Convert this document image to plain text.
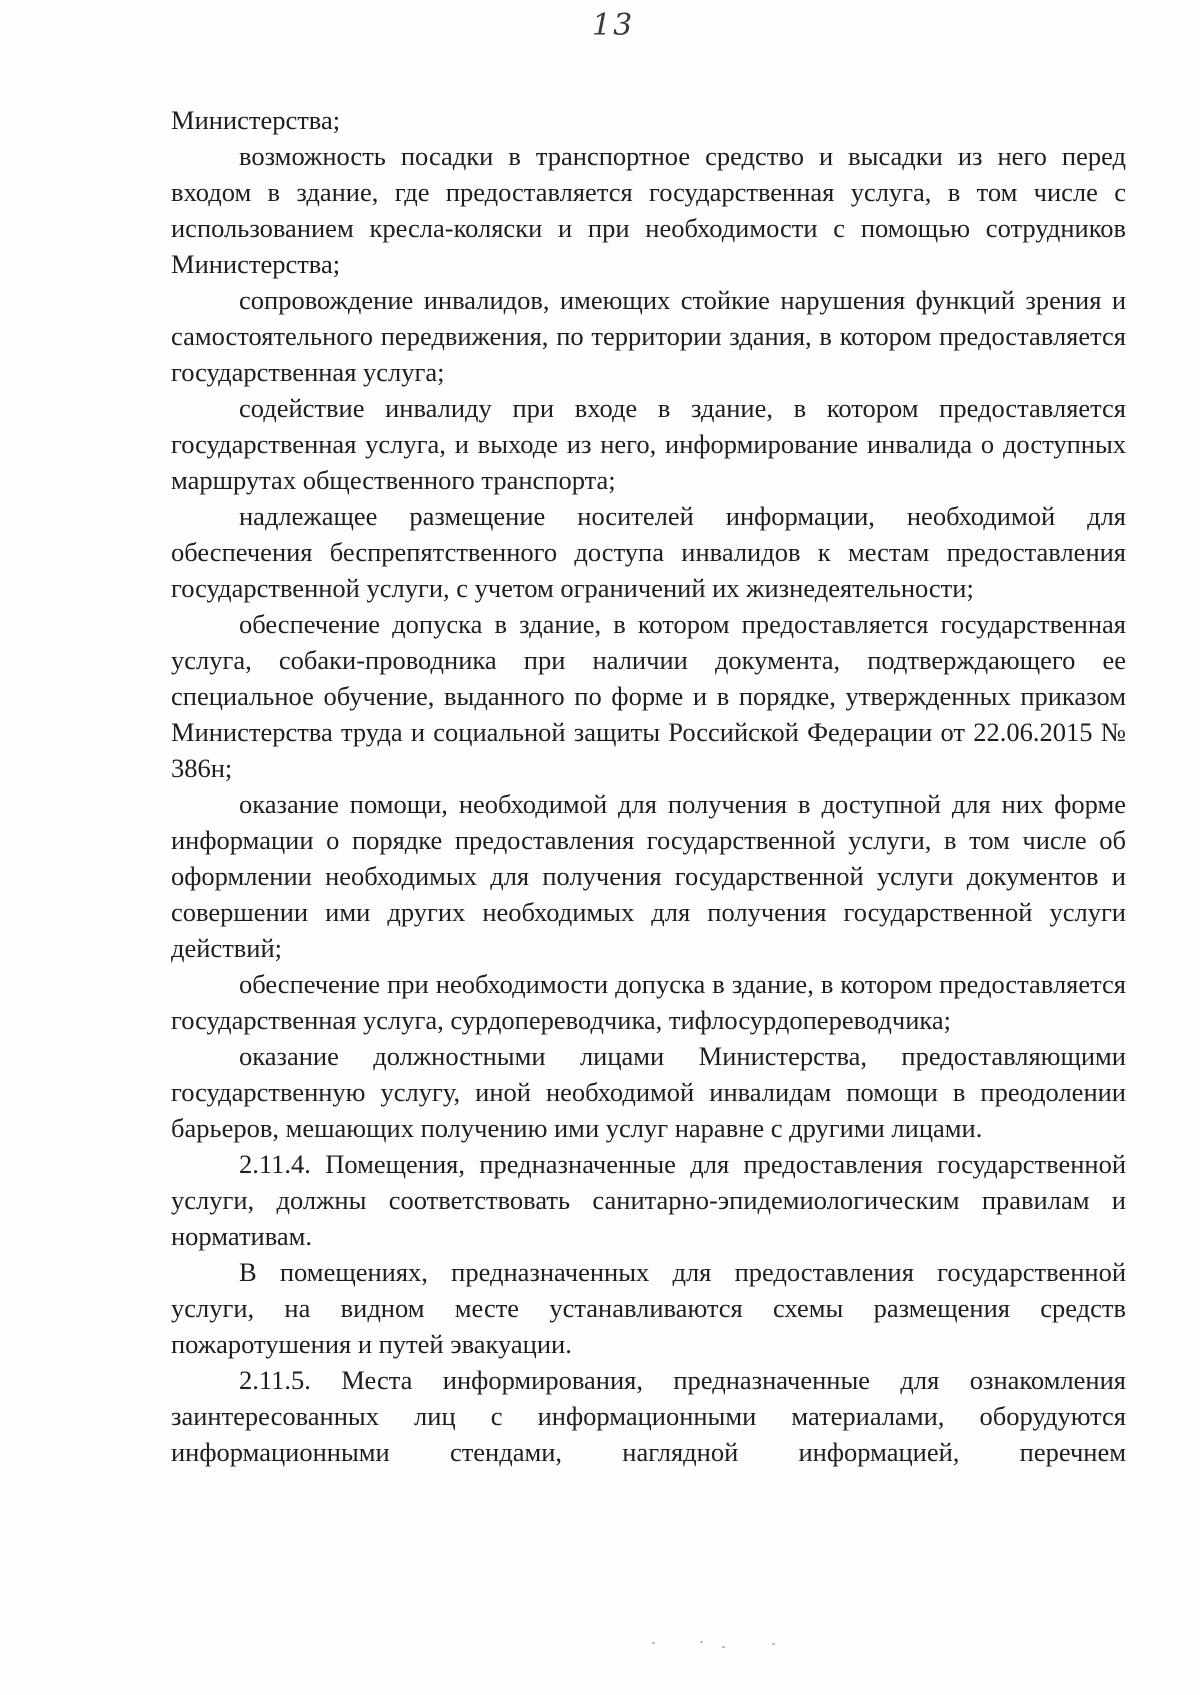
13

Министерства;

возможность посадки в транспортное средство и высадки из него перед входом в здание, где предоставляется государственная услуга, в том числе с использованием кресла-коляски и при необходимости с помощью сотрудников Министерства;

сопровождение инвалидов, имеющих стойкие нарушения функций зрения и самостоятельного передвижения, по территории здания, в котором предоставляется государственная услуга;

содействие инвалиду при входе в здание, в котором предоставляется государственная услуга, и выходе из него, информирование инвалида о доступных маршрутах общественного транспорта;

надлежащее размещение носителей информации, необходимой для обеспечения беспрепятственного доступа инвалидов к местам предоставления государственной услуги, с учетом ограничений их жизнедеятельности;

обеспечение допуска в здание, в котором предоставляется государственная услуга, собаки-проводника при наличии документа, подтверждающего ее специальное обучение, выданного по форме и в порядке, утвержденных приказом Министерства труда и социальной защиты Российской Федерации от 22.06.2015 № 386н;

оказание помощи, необходимой для получения в доступной для них форме информации о порядке предоставления государственной услуги, в том числе об оформлении необходимых для получения государственной услуги документов и совершении ими других необходимых для получения государственной услуги действий;

обеспечение при необходимости допуска в здание, в котором предоставляется государственная услуга, сурдопереводчика, тифлосурдопереводчика;

оказание должностными лицами Министерства, предоставляющими государственную услугу, иной необходимой инвалидам помощи в преодолении барьеров, мешающих получению ими услуг наравне с другими лицами.

2.11.4. Помещения, предназначенные для предоставления государственной услуги, должны соответствовать санитарно-эпидемиологическим правилам и нормативам.

В помещениях, предназначенных для предоставления государственной услуги, на видном месте устанавливаются схемы размещения средств пожаротушения и путей эвакуации.

2.11.5. Места информирования, предназначенные для ознакомления заинтересованных лиц с информационными материалами, оборудуются информационными стендами, наглядной информацией, перечнем
